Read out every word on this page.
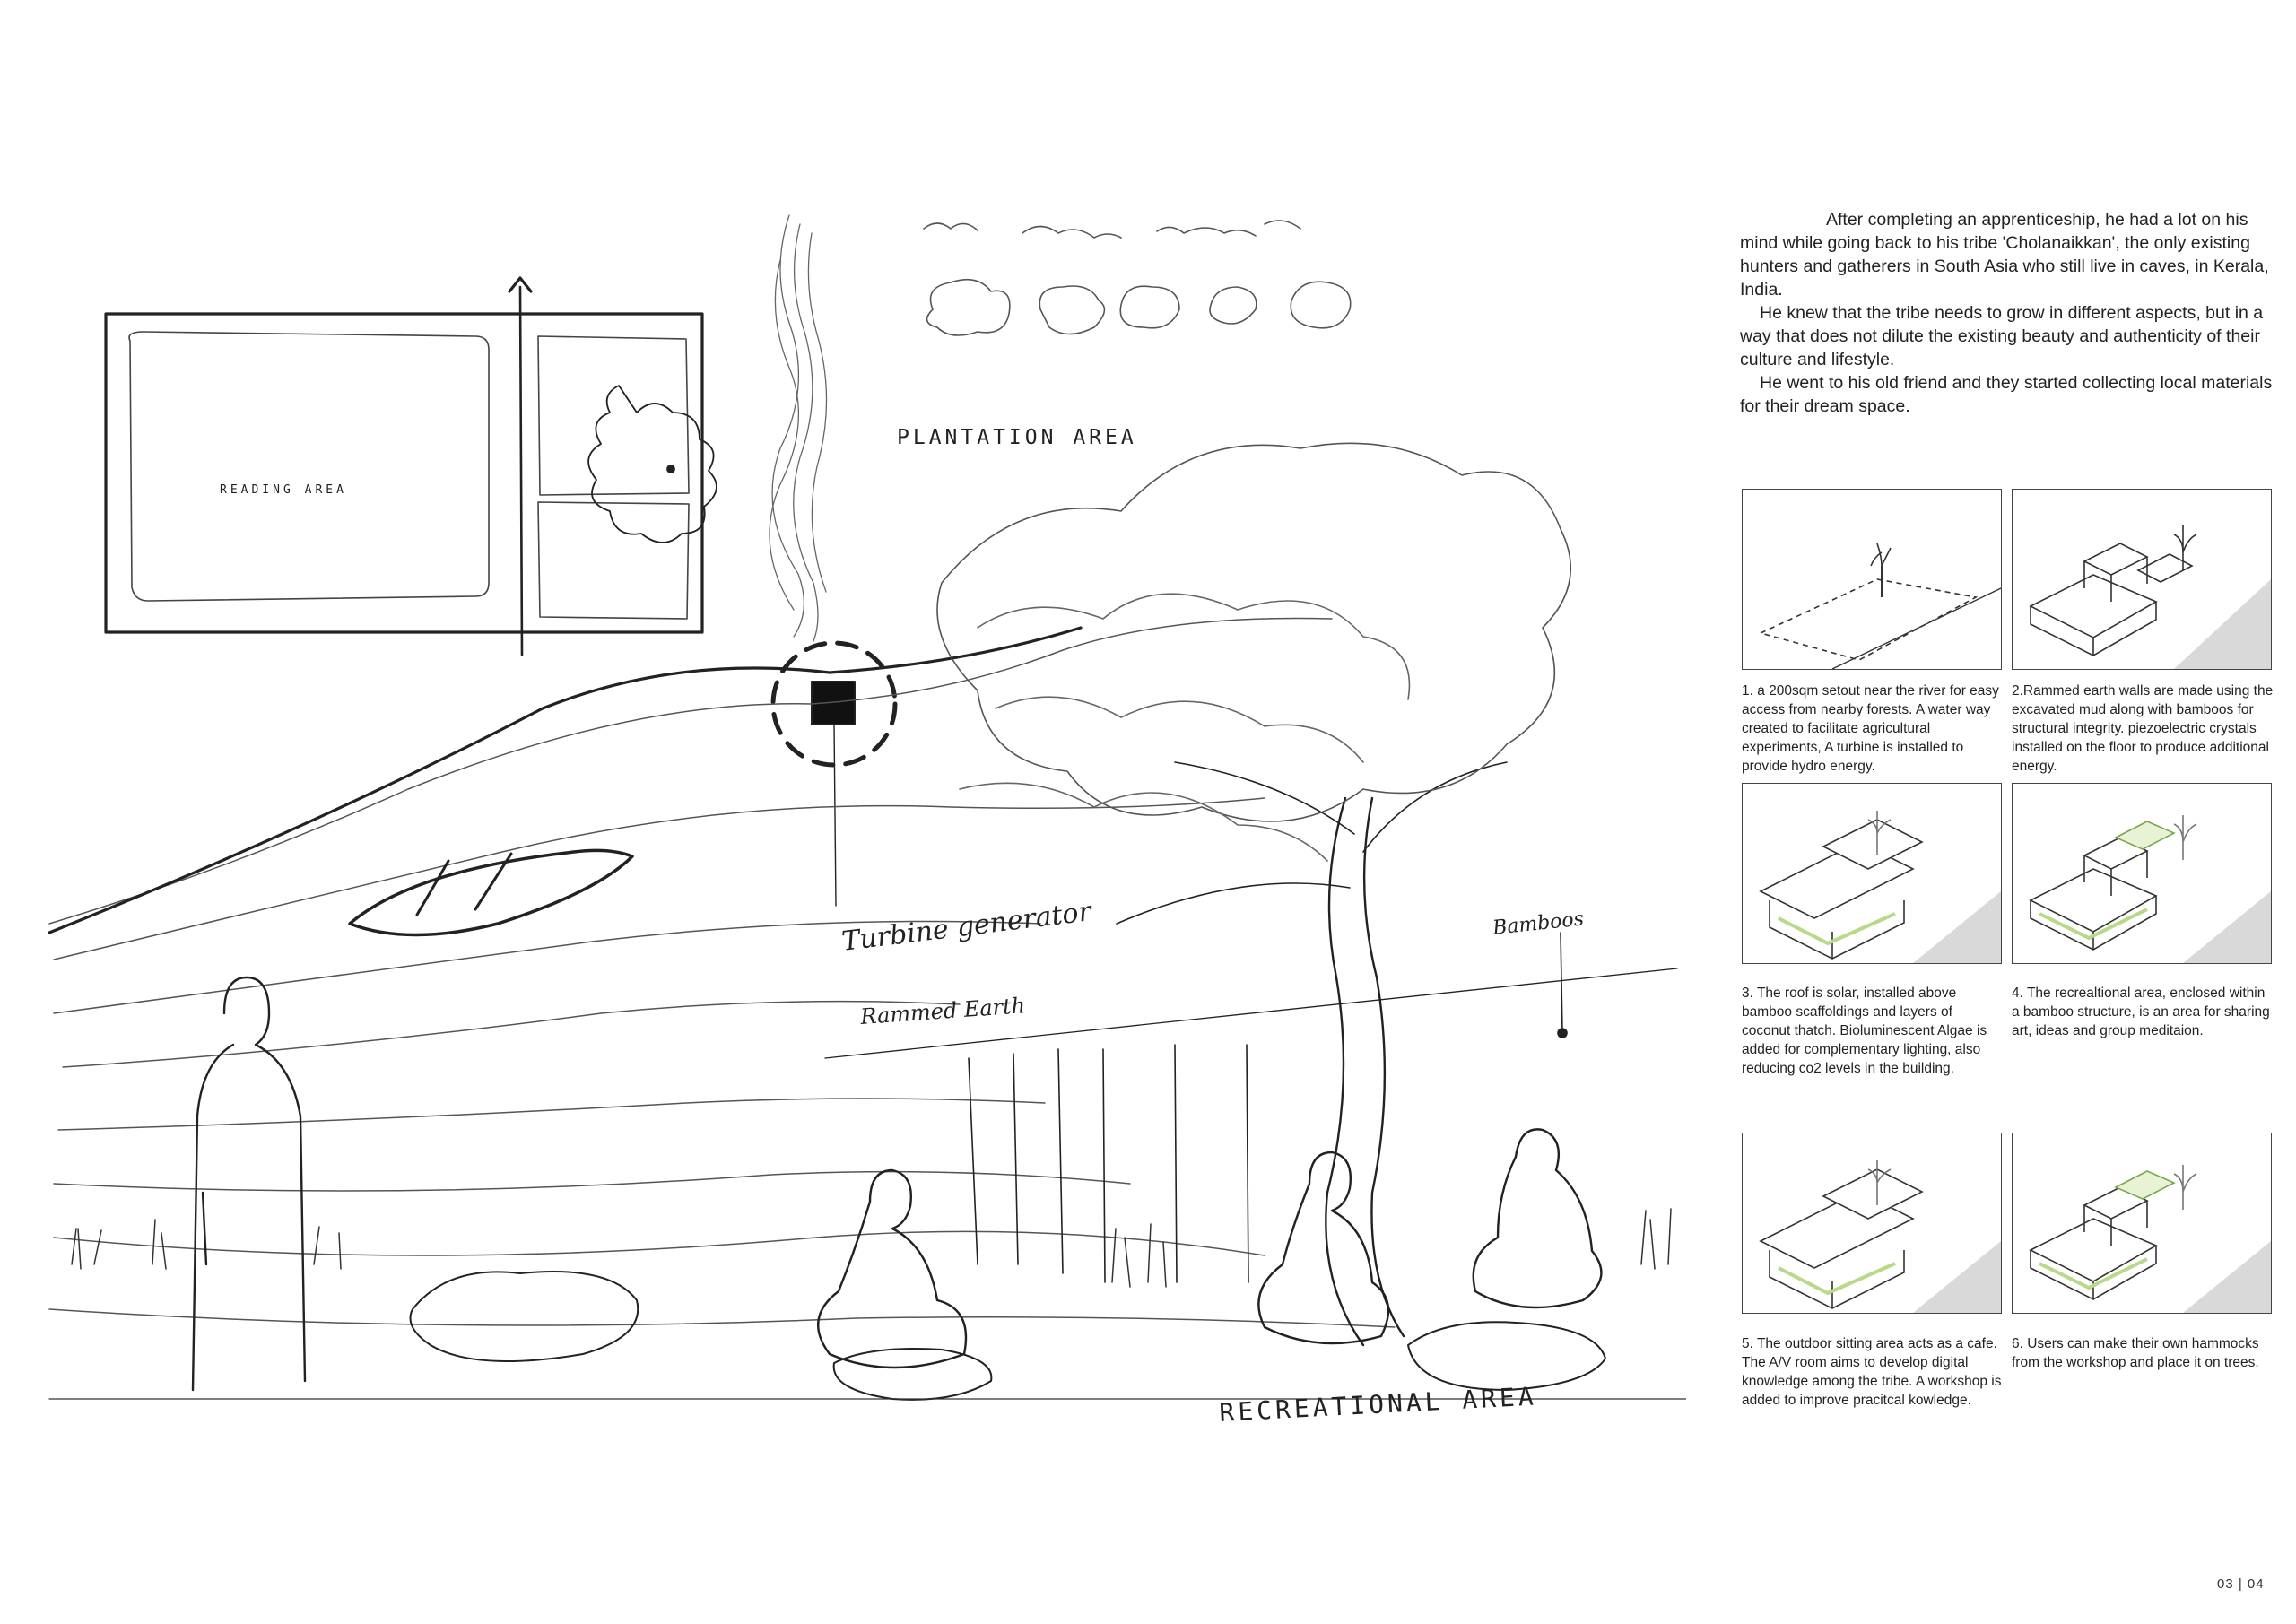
READING AREA
PLANTATION AREA
Turbine generator
Rammed Earth
Bamboos
RECREATIONAL AREA

After completing an apprenticeship, he had a lot on his mind while going back to his tribe 'Cholanaikkan', the only existing hunters and gatherers in South Asia who still live in caves, in Kerala, India.

He knew that the tribe needs to grow in different aspects, but in a way that does not dilute the existing beauty and authenticity of their culture and lifestyle.

He went to his old friend and they started collecting local materials for their dream space.

1. a 200sqm setout near the river for easy access from nearby forests. A water way created to facilitate agricultural experiments, A turbine is installed to provide hydro energy.

2.Rammed earth walls are made using the excavated mud along with bamboos for structural integrity. piezoelectric crystals installed on the floor to produce additional energy.

3. The roof is solar, installed above bamboo scaffoldings and layers of coconut thatch. Bioluminescent Algae is added for complementary lighting, also reducing co2 levels in the building.

4. The recrealtional area, enclosed within a bamboo structure, is an area for sharing art, ideas and group meditaion.

5. The outdoor sitting area acts as a cafe. The A/V room aims to develop digital knowledge among the tribe. A workshop is added to improve pracitcal kowledge.

6. Users can make their own hammocks from the workshop and place it on trees.

03 | 04
